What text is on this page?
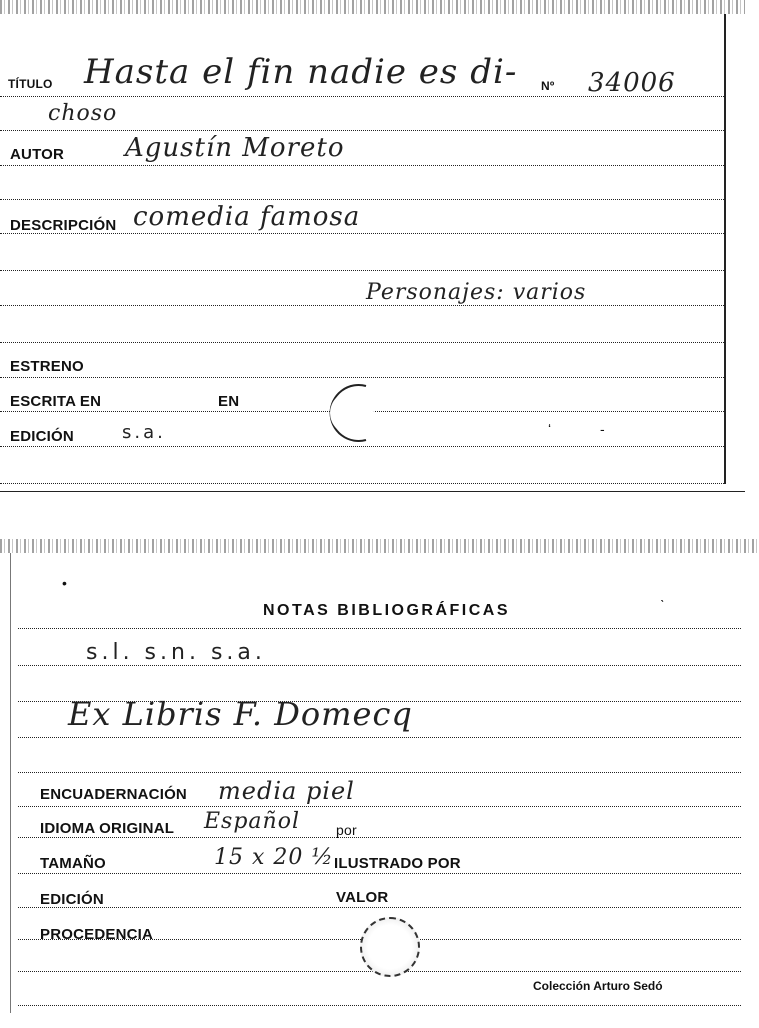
TÍTULO Hasta el fin nadie es di- Nº 34006
choso
AUTOR Agustín Moreto
DESCRIPCIÓN comedia famosa
Personajes: varios
ESTRENO
ESCRITA EN	EN
EDICIÓN	s.a.	ʻ	-
NOTAS BIBLIOGRÁFICAS
s.l. s.n. s.a.
Ex Libris F. Domecq
ENCUADERNACIÓN media piel
IDIOMA ORIGINAL Español	por
TAMAÑO	15 x 20 ½ ILUSTRADO POR
EDICIÓN	VALOR
PROCEDENCIA
Colección Arturo Sedó
•
ˋ
